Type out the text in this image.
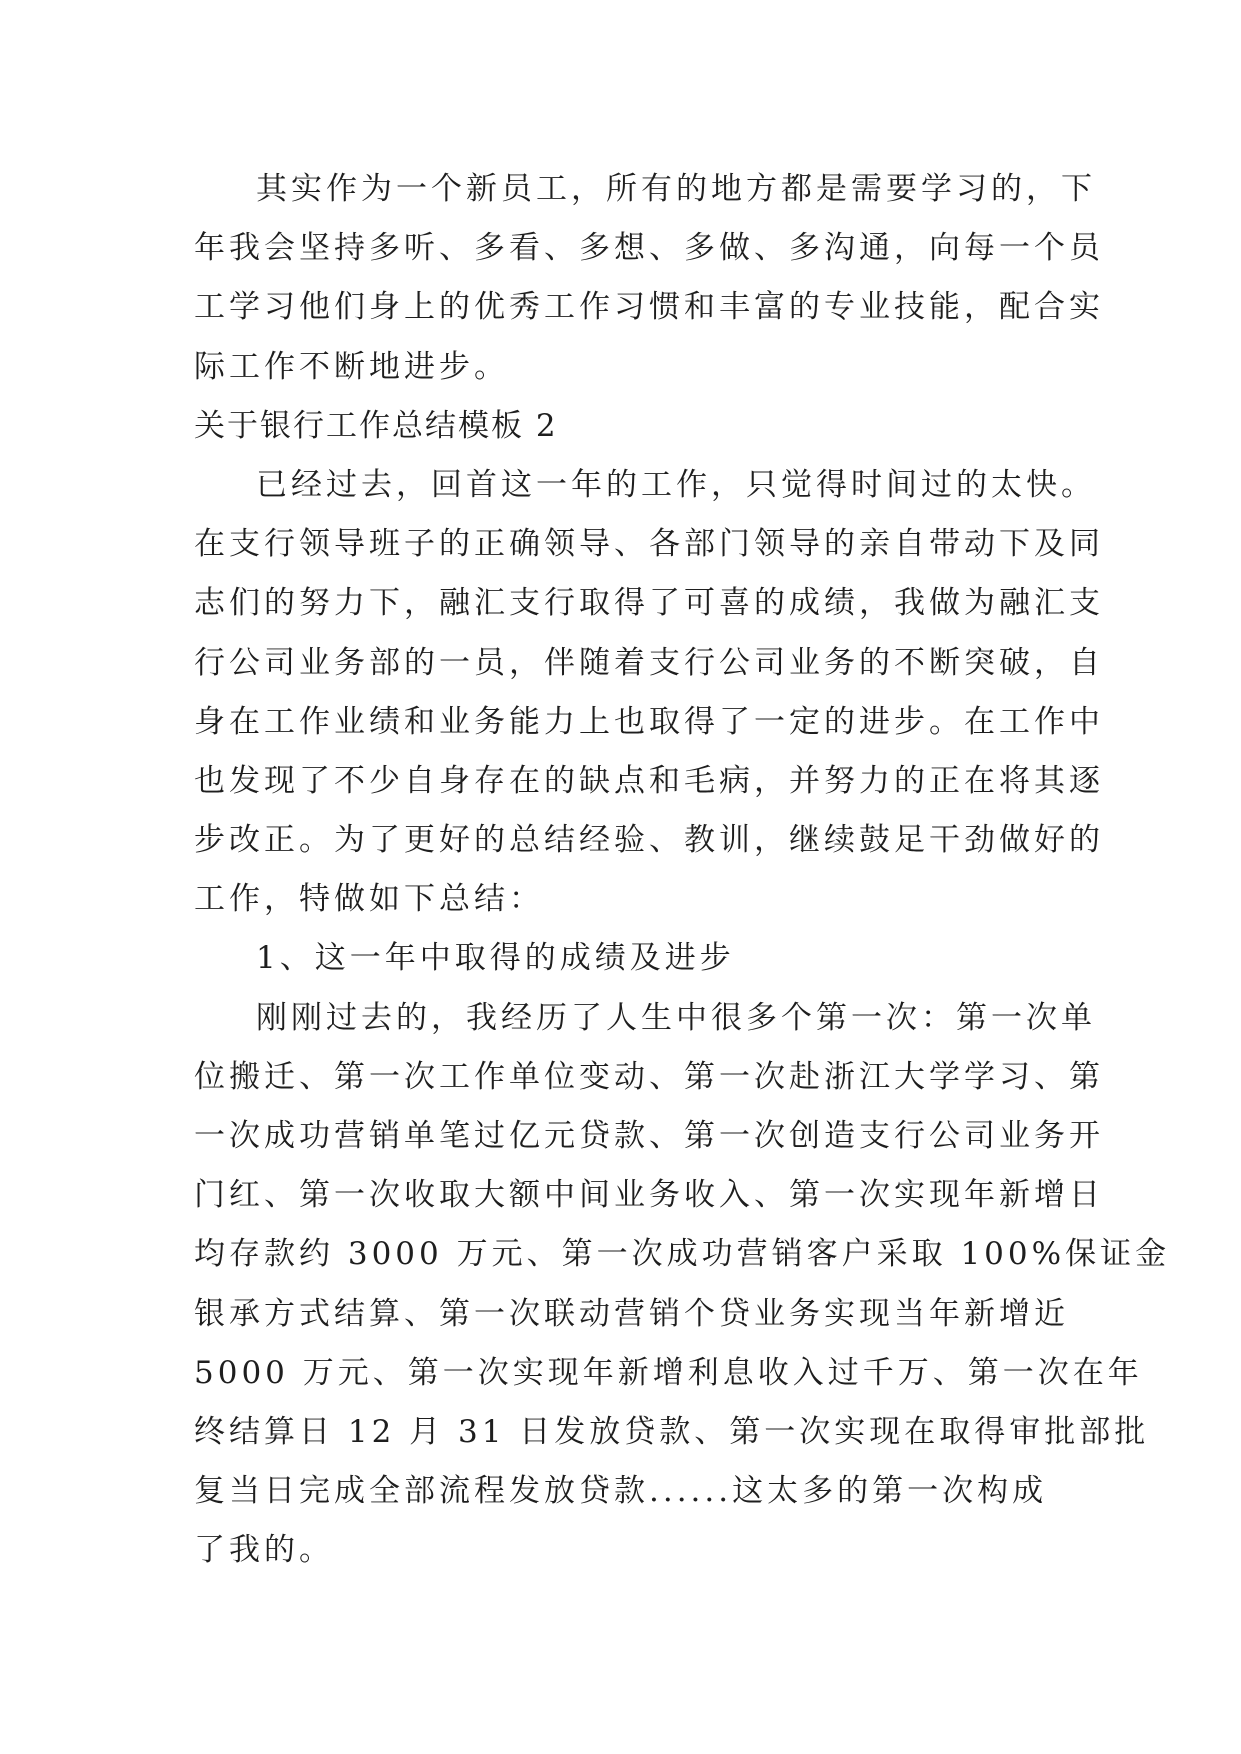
其实作为一个新员工，所有的地方都是需要学习的，下
年我会坚持多听、多看、多想、多做、多沟通，向每一个员
工学习他们身上的优秀工作习惯和丰富的专业技能，配合实
际工作不断地进步。
关于银行工作总结模板 2
已经过去，回首这一年的工作，只觉得时间过的太快。
在支行领导班子的正确领导、各部门领导的亲自带动下及同
志们的努力下，融汇支行取得了可喜的成绩，我做为融汇支
行公司业务部的一员，伴随着支行公司业务的不断突破，自
身在工作业绩和业务能力上也取得了一定的进步。在工作中
也发现了不少自身存在的缺点和毛病，并努力的正在将其逐
步改正。为了更好的总结经验、教训，继续鼓足干劲做好的
工作，特做如下总结：
1、这一年中取得的成绩及进步
刚刚过去的，我经历了人生中很多个第一次：第一次单
位搬迁、第一次工作单位变动、第一次赴浙江大学学习、第
一次成功营销单笔过亿元贷款、第一次创造支行公司业务开
门红、第一次收取大额中间业务收入、第一次实现年新增日
均存款约 3000 万元、第一次成功营销客户采取 100%保证金
银承方式结算、第一次联动营销个贷业务实现当年新增近
5000 万元、第一次实现年新增利息收入过千万、第一次在年
终结算日 12 月 31 日发放贷款、第一次实现在取得审批部批
复当日完成全部流程发放贷款......这太多的第一次构成
了我的。
